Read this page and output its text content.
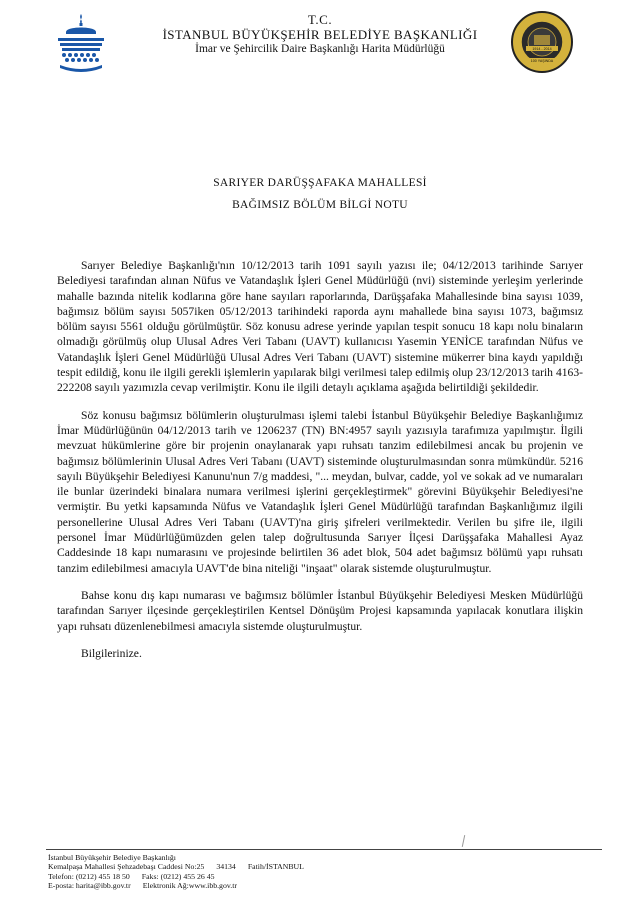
1914 - 2014
100 YAŞINDA
T.C.
İSTANBUL BÜYÜKŞEHİR BELEDİYE BAŞKANLIĞI
İmar ve Şehircilik Daire Başkanlığı Harita Müdürlüğü
SARIYER DARÜŞŞAFAKA MAHALLESİ
BAĞIMSIZ BÖLÜM BİLGİ NOTU

Sarıyer Belediye Başkanlığı'nın 10/12/2013 tarih 1091 sayılı yazısı ile; 04/12/2013 tarihinde Sarıyer Belediyesi tarafından alınan Nüfus ve Vatandaşlık İşleri Genel Müdürlüğü (nvi) sisteminde yerleşim yerlerinde mahalle bazında nitelik kodlarına göre hane sayıları raporlarında, Darüşşafaka Mahallesinde bina sayısı 1039, bağımsız bölüm sayısı 5057iken 05/12/2013 tarihindeki raporda aynı mahallede bina sayısı 1073, bağımsız bölüm sayısı 5561 olduğu görülmüştür. Söz konusu adrese yerinde yapılan tespit sonucu 18 kapı nolu binaların olmadığı görülmüş olup Ulusal Adres Veri Tabanı (UAVT) kullanıcısı Yasemin YENİCE tarafından Nüfus ve Vatandaşlık İşleri Genel Müdürlüğü Ulusal Adres Veri Tabanı (UAVT) sistemine mükerrer bina kaydı yapıldığı tespit edildiğ, konu ile ilgili gerekli işlemlerin yapılarak bilgi verilmesi talep edilmiş olup 23/12/2013 tarih 4163-222208 sayılı yazımızla cevap verilmiştir. Konu ile ilgili detaylı açıklama aşağıda belirtildiği şekildedir.

Söz konusu bağımsız bölümlerin oluşturulması işlemi talebi İstanbul Büyükşehir Belediye Başkanlığımız İmar Müdürlüğünün 04/12/2013 tarih ve 1206237 (TN) BN:4957 sayılı yazısıyla tarafımıza yapılmıştır. İlgili mevzuat hükümlerine göre bir projenin onaylanarak yapı ruhsatı tanzim edilebilmesi ancak bu projenin ve bağımsız bölümlerinin Ulusal Adres Veri Tabanı (UAVT) sisteminde oluşturulmasından sonra mümkündür. 5216 sayılı Büyükşehir Belediyesi Kanunu'nun 7/g maddesi, "... meydan, bulvar, cadde, yol ve sokak ad ve numaraları ile bunlar üzerindeki binalara numara verilmesi işlerini gerçekleştirmek" görevini Büyükşehir Belediyesi'ne vermiştir. Bu yetki kapsamında Nüfus ve Vatandaşlık İşleri Genel Müdürlüğü tarafından Başkanlığımız ilgili personellerine Ulusal Adres Veri Tabanı (UAVT)'na giriş şifreleri verilmektedir. Verilen bu şifre ile, ilgili personel İmar Müdürlüğümüzden gelen talep doğrultusunda Sarıyer İlçesi Darüşşafaka Mahallesi Ayaz Caddesinde 18 kapı numarasını ve projesinde belirtilen 36 adet blok, 504 adet bağımsız bölümü yapı ruhsatı tanzim edilebilmesi amacıyla UAVT'de bina niteliği "inşaat" olarak sistemde oluşturulmuştur.

Bahse konu dış kapı numarası ve bağımsız bölümler İstanbul Büyükşehir Belediyesi Mesken Müdürlüğü tarafından Sarıyer ilçesinde gerçekleştirilen Kentsel Dönüşüm Projesi kapsamında yapılacak konutlara ilişkin yapı ruhsatı düzenlenebilmesi amacıyla sistemde oluşturulmuştur.

Bilgilerinize.

İstanbul Büyükşehir Belediye Başkanlığı
Kemalpaşa Mahallesi Şehzadebaşı Caddesi No:25 34134 Fatih/İSTANBUL
Telefon: (0212) 455 18 50 Faks: (0212) 455 26 45
E-posta: harita@ibb.gov.tr Elektronik Ağ:www.ibb.gov.tr
